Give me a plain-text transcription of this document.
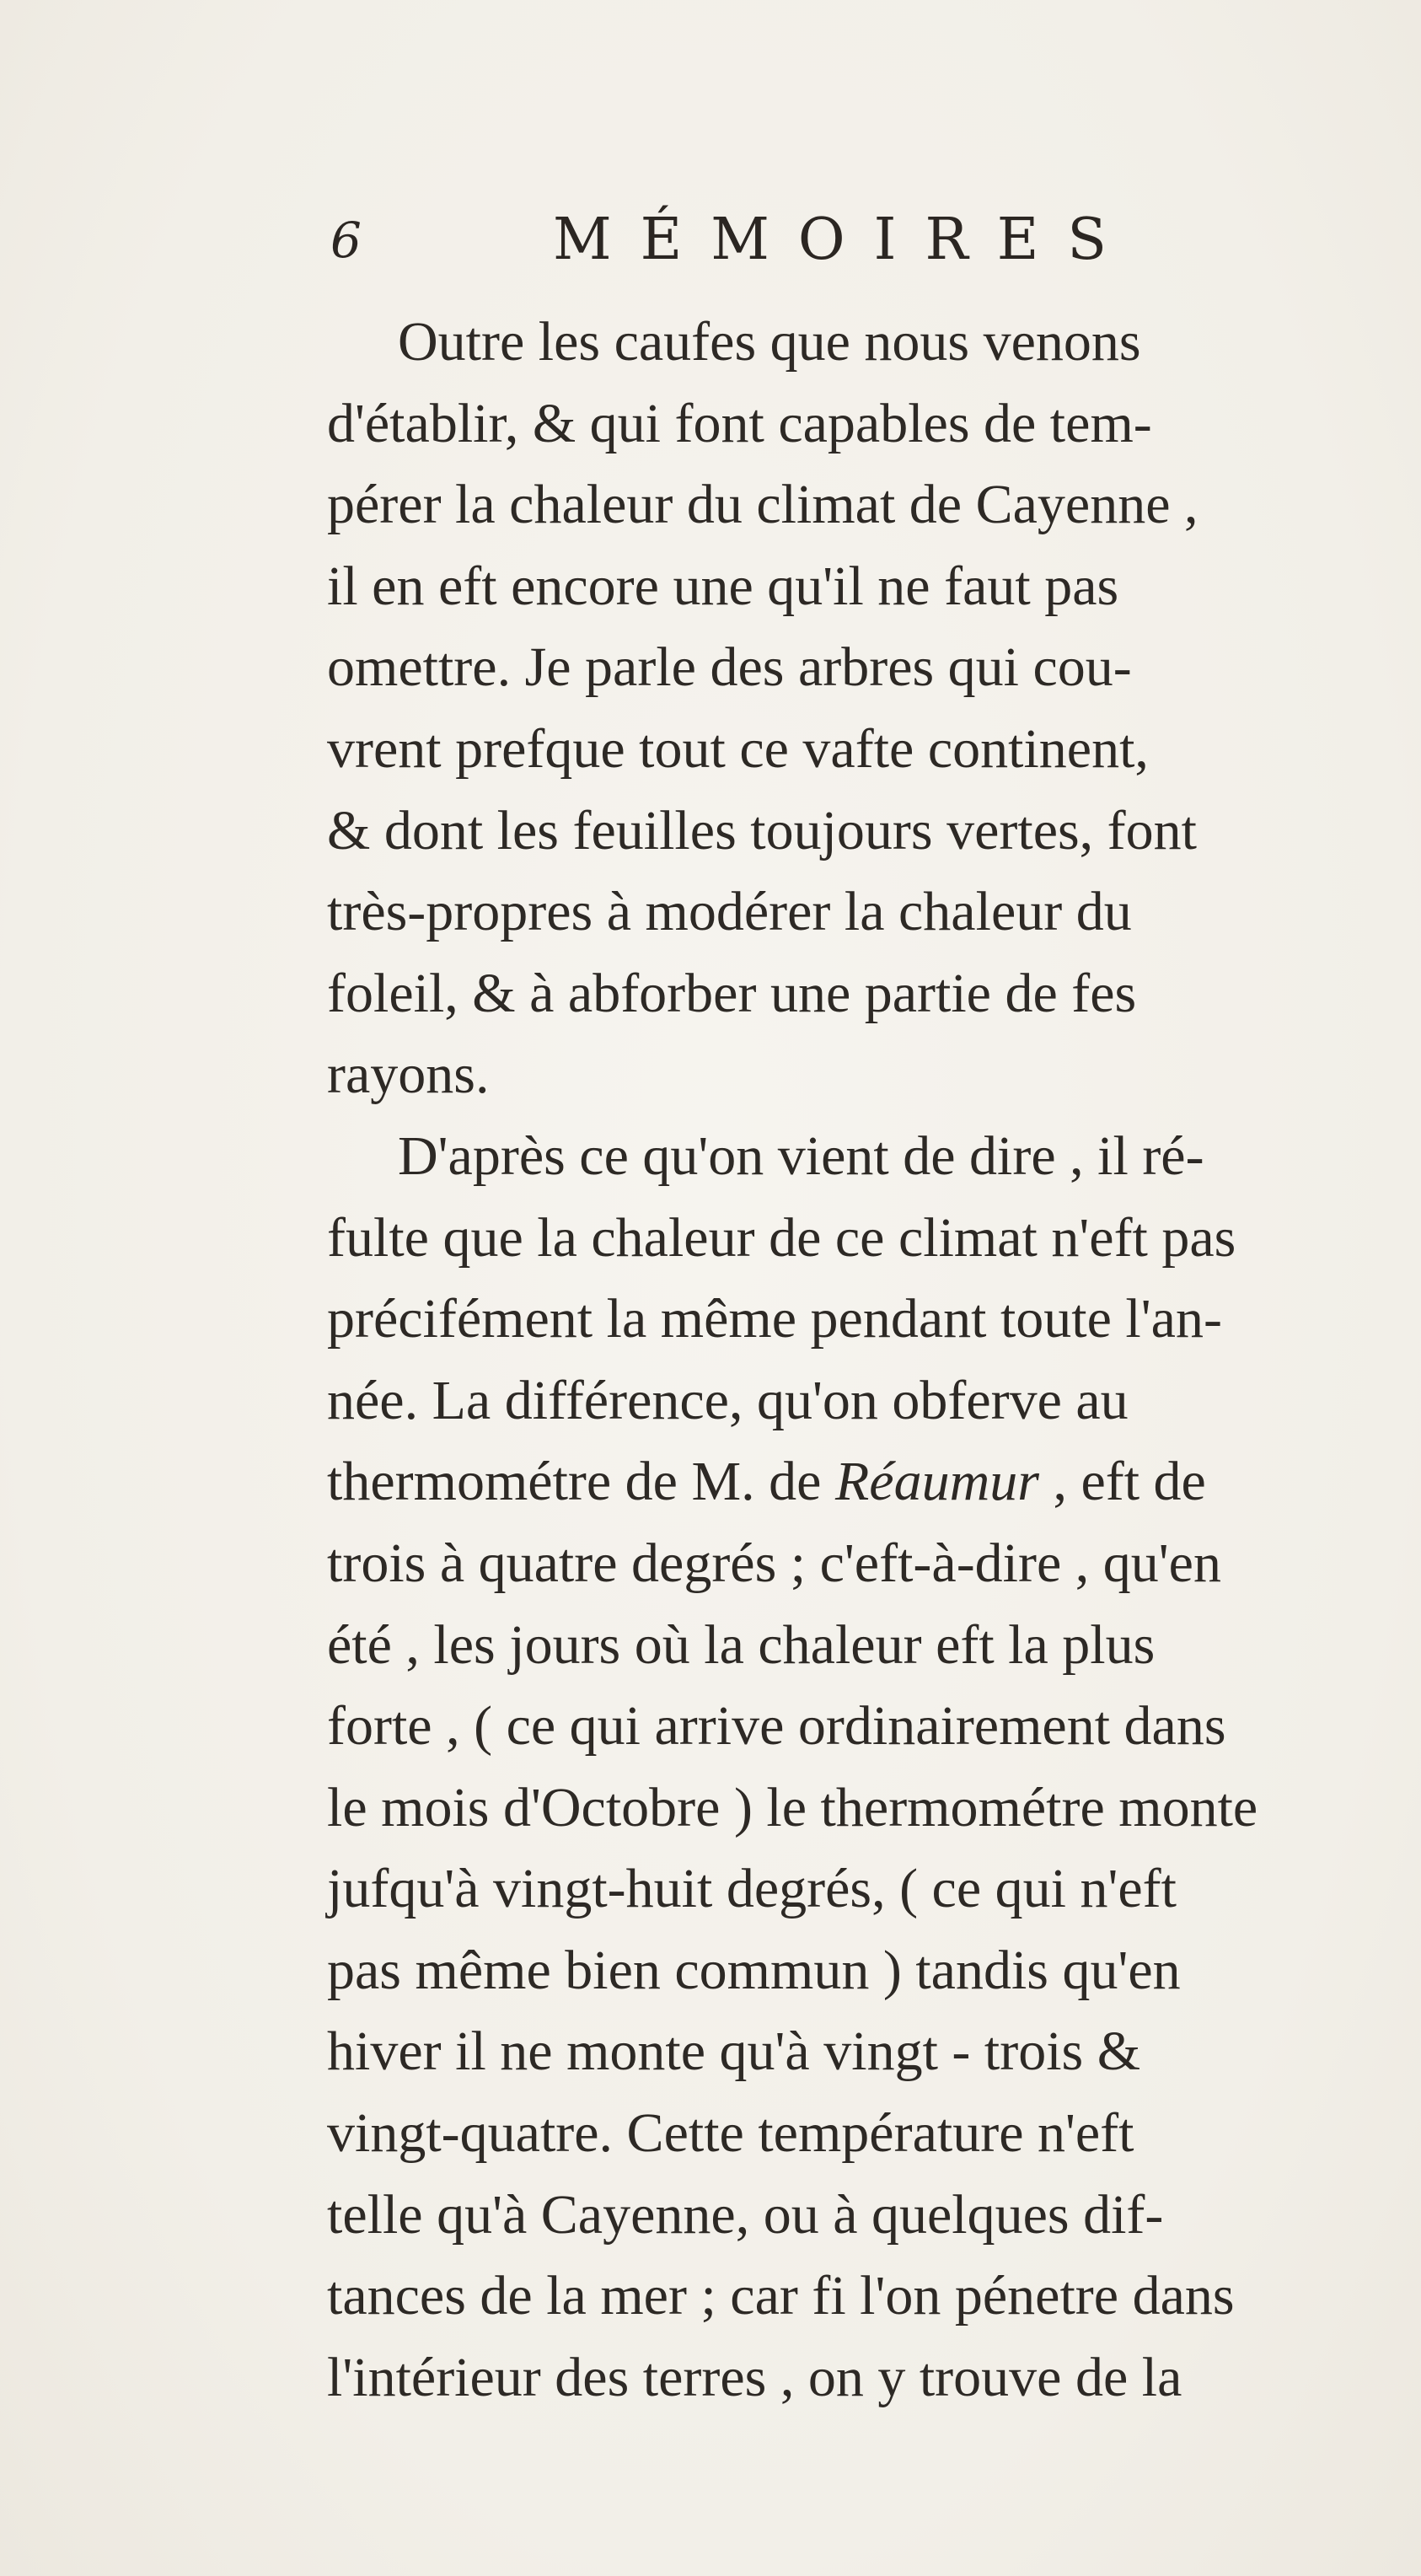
6	MÉMOIRES
Outre les caufes que nous venons
d'établir, & qui font capables de tem-
pérer la chaleur du climat de Cayenne ,
il en eft encore une qu'il ne faut pas
omettre. Je parle des arbres qui cou-
vrent prefque tout ce vafte continent,
& dont les feuilles toujours vertes, font
très-propres à modérer la chaleur du
foleil, & à abforber une partie de fes
rayons.
D'après ce qu'on vient de dire , il ré-
fulte que la chaleur de ce climat n'eft pas
précifément la même pendant toute l'an-
née. La différence, qu'on obferve au
thermométre de M. de Réaumur , eft de
trois à quatre degrés ; c'eft-à-dire , qu'en
été , les jours où la chaleur eft la plus
forte , ( ce qui arrive ordinairement dans
le mois d'Octobre ) le thermométre monte
jufqu'à vingt-huit degrés, ( ce qui n'eft
pas même bien commun ) tandis qu'en
hiver il ne monte qu'à vingt - trois &
vingt-quatre. Cette température n'eft
telle qu'à Cayenne, ou à quelques dif-
tances de la mer ; car fi l'on pénetre dans
l'intérieur des terres , on y trouve de la
